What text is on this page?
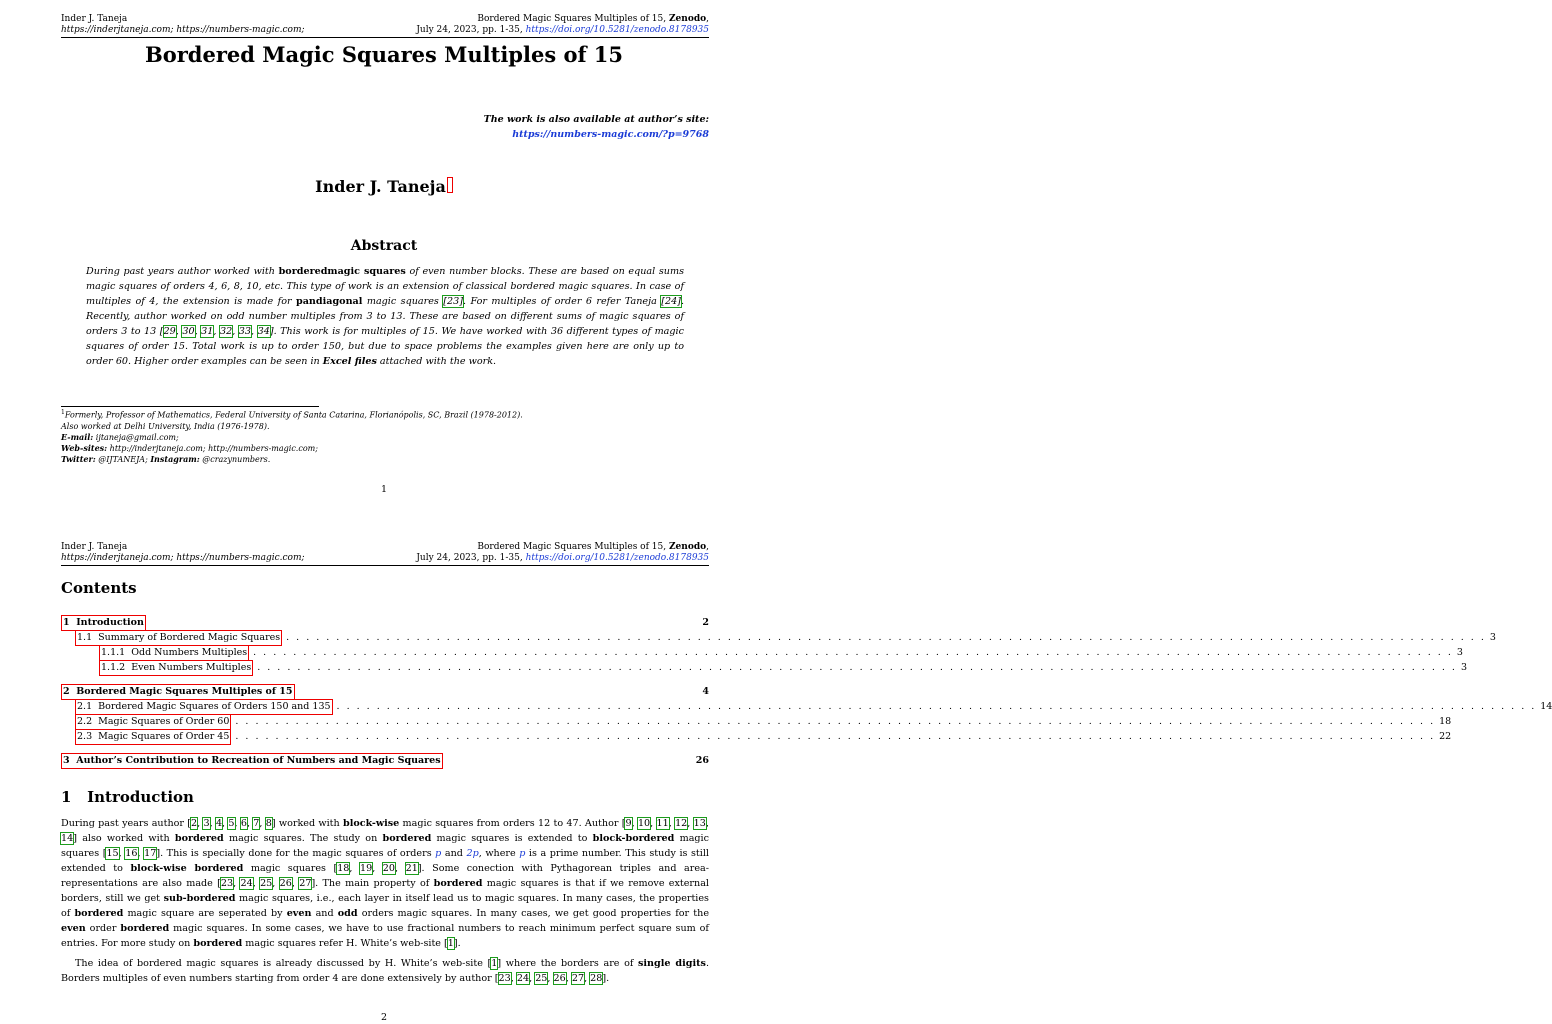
Inder J. Taneja
https://inderjtaneja.com; https://numbers-magic.com;
Bordered Magic Squares Multiples of 15, Zenodo,
July 24, 2023, pp. 1-35, https://doi.org/10.5281/zenodo.8178935
Bordered Magic Squares Multiples of 15
The work is also available at author’s site:
https://numbers-magic.com/?p=9768
Inder J. Taneja
Abstract
During past years author worked with borderedmagic squares of even number blocks. These are based on equal sums magic squares of orders 4, 6, 8, 10, etc. This type of work is an extension of classical bordered magic squares. In case of multiples of 4, the extension is made for pandiagonal magic squares [23]. For multiples of order 6 refer Taneja [24]. Recently, author worked on odd number multiples from 3 to 13. These are based on different sums of magic squares of orders 3 to 13 [29, 30, 31, 32, 33, 34]. This work is for multiples of 15. We have worked with 36 different types of magic squares of order 15. Total work is up to order 150, but due to space problems the examples given here are only up to order 60. Higher order examples can be seen in Excel files attached with the work.
$^1$Formerly, Professor of Mathematics, Federal University of Santa Catarina, Florianópolis, SC, Brazil (1978-2012).
Also worked at Delhi University, India (1976-1978).
E-mail: ijtaneja@gmail.com;
Web-sites: http://inderjtaneja.com; http://numbers-magic.com;
Twitter: @IJTANEJA; Instagram: @crazynumbers.
1
Inder J. Taneja
https://inderjtaneja.com; https://numbers-magic.com;
Bordered Magic Squares Multiples of 15, Zenodo,
July 24, 2023, pp. 1-35, https://doi.org/10.5281/zenodo.8178935
Contents
1  Introduction	2
1.1  Summary of Bordered Magic Squares . . . . . . . . . . . . . . . . . . . . . . . . . . . . . . . . . . . . . . . . . . . . . . . . . . . . . . . . . . . . . . . . . . . . . . . . . . . . . . . . . . . . . . . . . . . . . . . . . . . . . . . . . . . . . . . . . . . . . . . . 3
1.1.1  Odd Numbers Multiples . . . . . . . . . . . . . . . . . . . . . . . . . . . . . . . . . . . . . . . . . . . . . . . . . . . . . . . . . . . . . . . . . . . . . . . . . . . . . . . . . . . . . . . . . . . . . . . . . . . . . . . . . . . . . . . . . . . . . . . . 3
1.1.2  Even Numbers Multiples . . . . . . . . . . . . . . . . . . . . . . . . . . . . . . . . . . . . . . . . . . . . . . . . . . . . . . . . . . . . . . . . . . . . . . . . . . . . . . . . . . . . . . . . . . . . . . . . . . . . . . . . . . . . . . . . . . . . . . . . 3
2  Bordered Magic Squares Multiples of 15	4
2.1  Bordered Magic Squares of Orders 150 and 135 . . . . . . . . . . . . . . . . . . . . . . . . . . . . . . . . . . . . . . . . . . . . . . . . . . . . . . . . . . . . . . . . . . . . . . . . . . . . . . . . . . . . . . . . . . . . . . . . . . . . . . . . . . . . . . . . . . . . . . . . 14
2.2  Magic Squares of Order 60 . . . . . . . . . . . . . . . . . . . . . . . . . . . . . . . . . . . . . . . . . . . . . . . . . . . . . . . . . . . . . . . . . . . . . . . . . . . . . . . . . . . . . . . . . . . . . . . . . . . . . . . . . . . . . . . . . . . . . . . . 18
2.3  Magic Squares of Order 45 . . . . . . . . . . . . . . . . . . . . . . . . . . . . . . . . . . . . . . . . . . . . . . . . . . . . . . . . . . . . . . . . . . . . . . . . . . . . . . . . . . . . . . . . . . . . . . . . . . . . . . . . . . . . . . . . . . . . . . . . 22
3  Author’s Contribution to Recreation of Numbers and Magic Squares	26
1 Introduction
During past years author [2, 3, 4, 5, 6, 7, 8] worked with block-wise magic squares from orders 12 to 47. Author [9, 10, 11, 12, 13, 14] also worked with bordered magic squares. The study on bordered magic squares is extended to block-bordered magic squares [15, 16, 17]. This is specially done for the magic squares of orders p and 2p, where p is a prime number. This study is still extended to block-wise bordered magic squares [18, 19, 20, 21]. Some conection with Pythagorean triples and area-representations are also made [23, 24, 25, 26, 27]. The main property of bordered magic squares is that if we remove external borders, still we get sub-bordered magic squares, i.e., each layer in itself lead us to magic squares. In many cases, the properties of bordered magic square are seperated by even and odd orders magic squares. In many cases, we get good properties for the even order bordered magic squares. In some cases, we have to use fractional numbers to reach minimum perfect square sum of entries. For more study on bordered magic squares refer H. White’s web-site [1].
The idea of bordered magic squares is already discussed by H. White’s web-site [1] where the borders are of single digits. Borders multiples of even numbers starting from order 4 are done extensively by author [23, 24, 25, 26, 27, 28].
2
